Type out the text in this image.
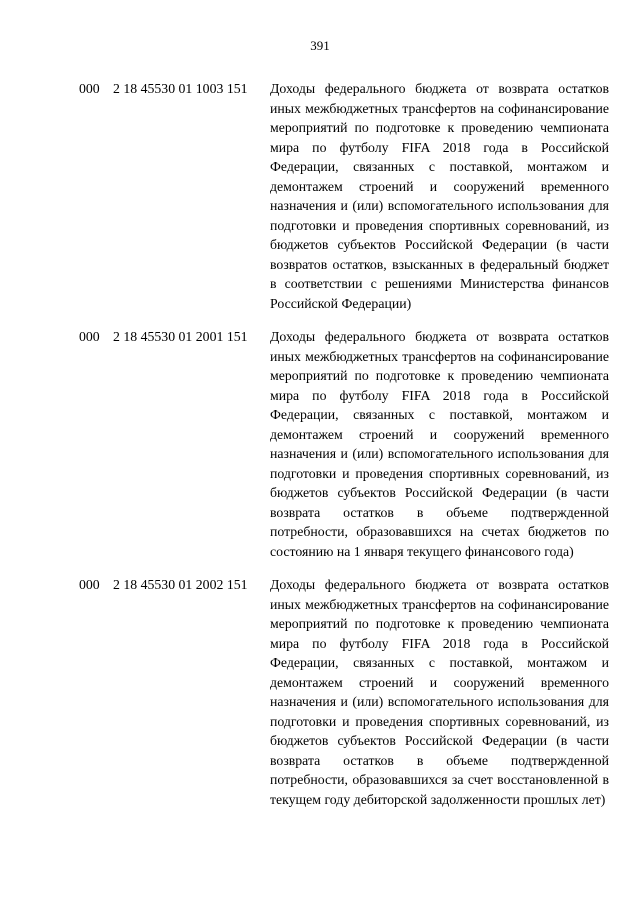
391
000 2 18 45530 01 1003 151 Доходы федерального бюджета от возврата остатков иных межбюджетных трансфертов на софинансирование мероприятий по подготовке к проведению чемпионата мира по футболу FIFA 2018 года в Российской Федерации, связанных с поставкой, монтажом и демонтажем строений и сооружений временного назначения и (или) вспомогательного использования для подготовки и проведения спортивных соревнований, из бюджетов субъектов Российской Федерации (в части возвратов остатков, взысканных в федеральный бюджет в соответствии с решениями Министерства финансов Российской Федерации)
000 2 18 45530 01 2001 151 Доходы федерального бюджета от возврата остатков иных межбюджетных трансфертов на софинансирование мероприятий по подготовке к проведению чемпионата мира по футболу FIFA 2018 года в Российской Федерации, связанных с поставкой, монтажом и демонтажем строений и сооружений временного назначения и (или) вспомогательного использования для подготовки и проведения спортивных соревнований, из бюджетов субъектов Российской Федерации (в части возврата остатков в объеме подтвержденной потребности, образовавшихся на счетах бюджетов по состоянию на 1 января текущего финансового года)
000 2 18 45530 01 2002 151 Доходы федерального бюджета от возврата остатков иных межбюджетных трансфертов на софинансирование мероприятий по подготовке к проведению чемпионата мира по футболу FIFA 2018 года в Российской Федерации, связанных с поставкой, монтажом и демонтажем строений и сооружений временного назначения и (или) вспомогательного использования для подготовки и проведения спортивных соревнований, из бюджетов субъектов Российской Федерации (в части возврата остатков в объеме подтвержденной потребности, образовавшихся за счет восстановленной в текущем году дебиторской задолженности прошлых лет)
